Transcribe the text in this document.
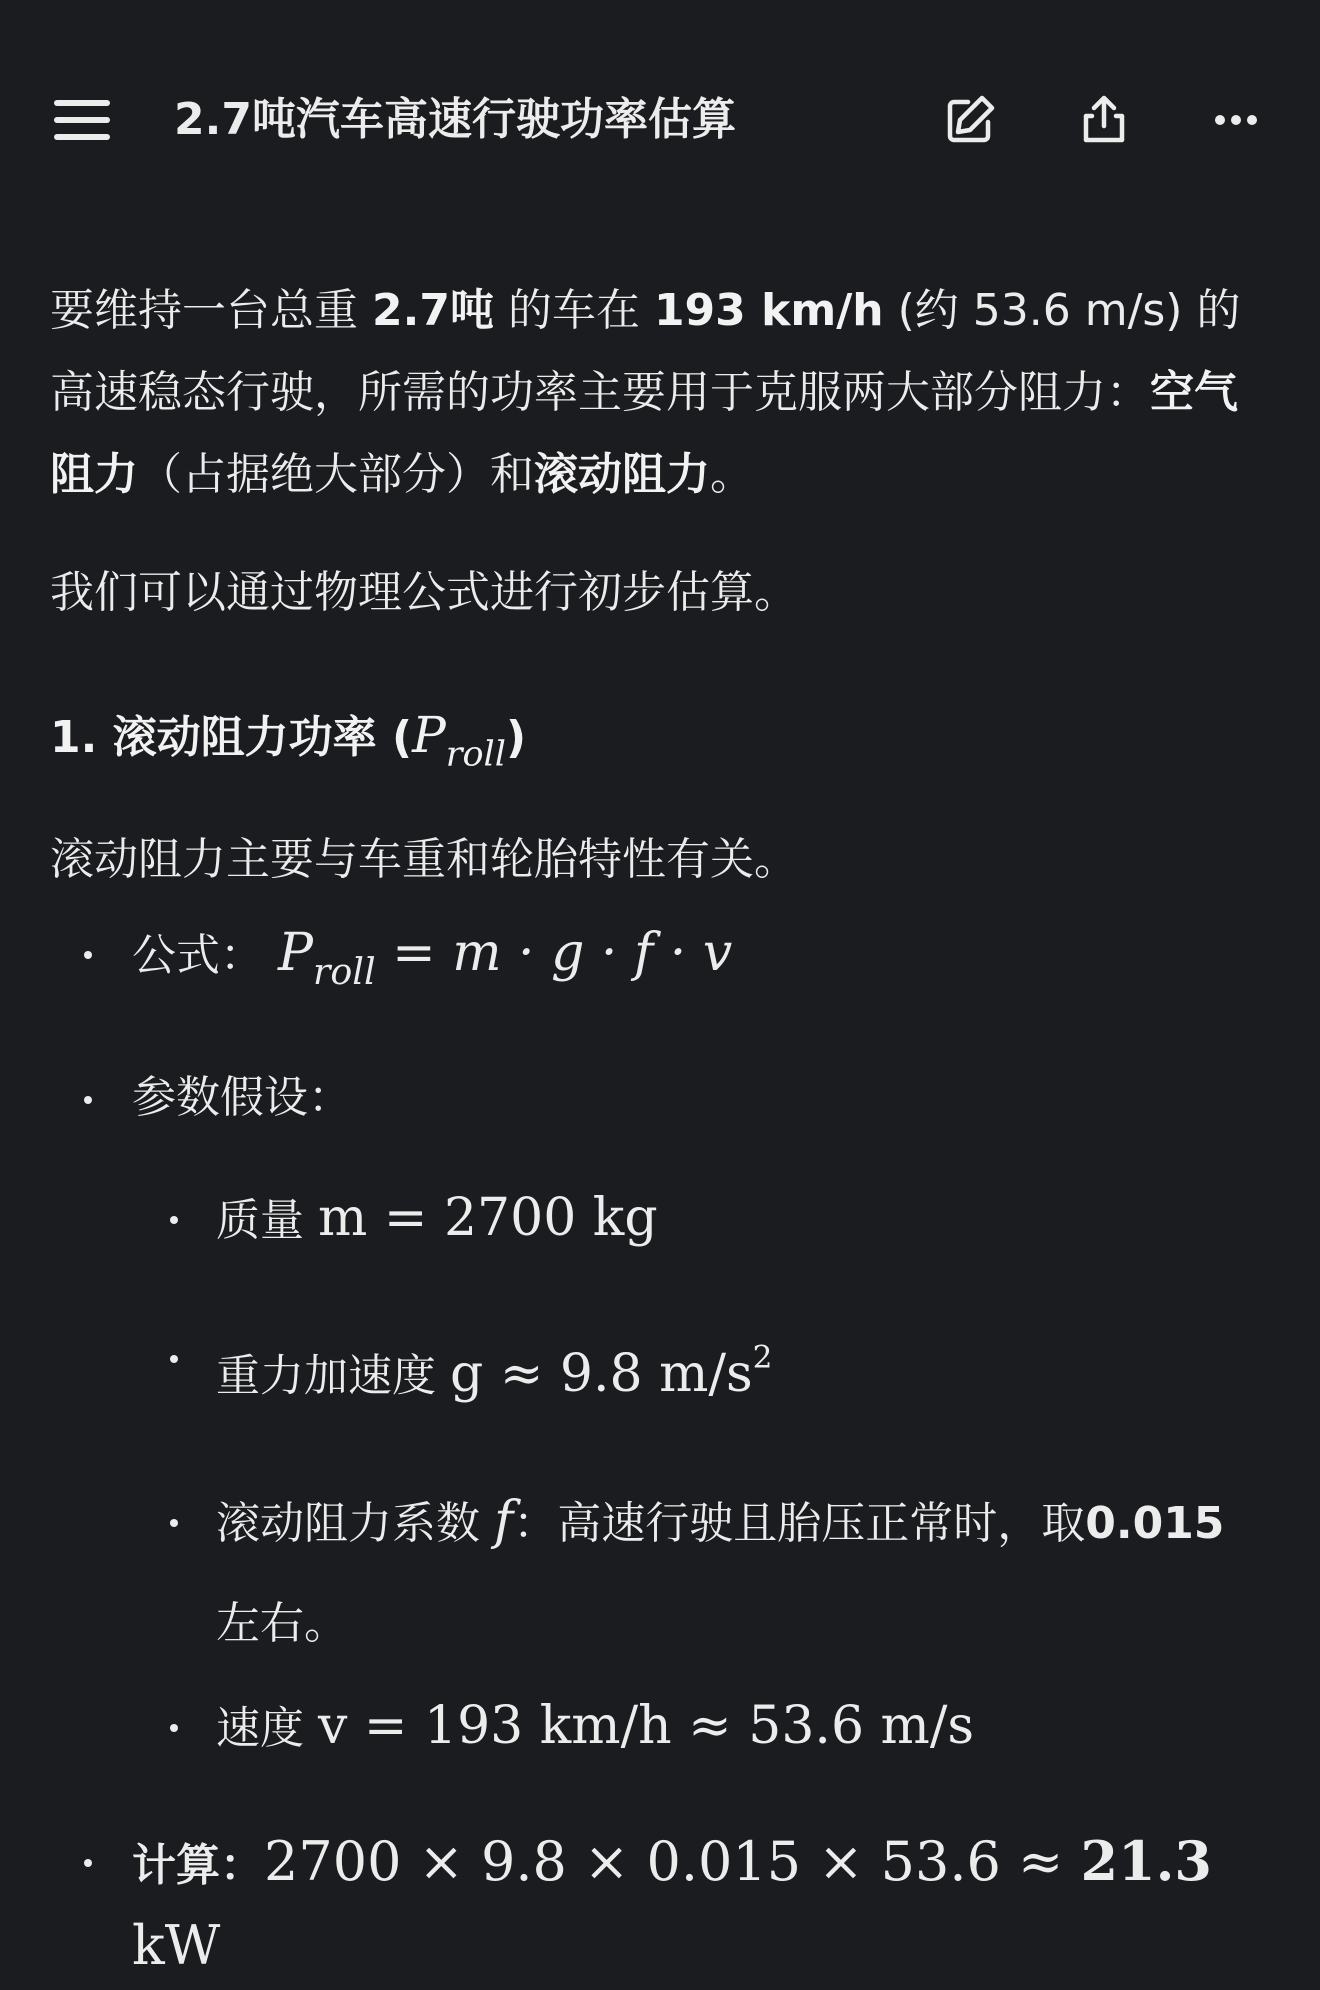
2.7吨汽车高速行驶功率估算

要维持一台总重 2.7吨 的车在 193 km/h (约 53.6 m/s) 的高速稳态行驶，所需的功率主要用于克服两大部分阻力：空气阻力（占据绝大部分）和滚动阻力。

我们可以通过物理公式进行初步估算。

1. 滚动阻力功率 $(P_{roll})$

滚动阻力主要与车重和轮胎特性有关。

公式： $P_{roll} = m \cdot g \cdot f \cdot v$
参数假设：
质量 m = 2700 kg
重力加速度 g ≈ 9.8 $m/s^2$
滚动阻力系数 f：高速行驶且胎压正常时，取0.015 左右。
速度 v = 193 km/h ≈ 53.6 m/s
计算：2700 × 9.8 × 0.015 × 53.6 ≈ 21.3 kW
